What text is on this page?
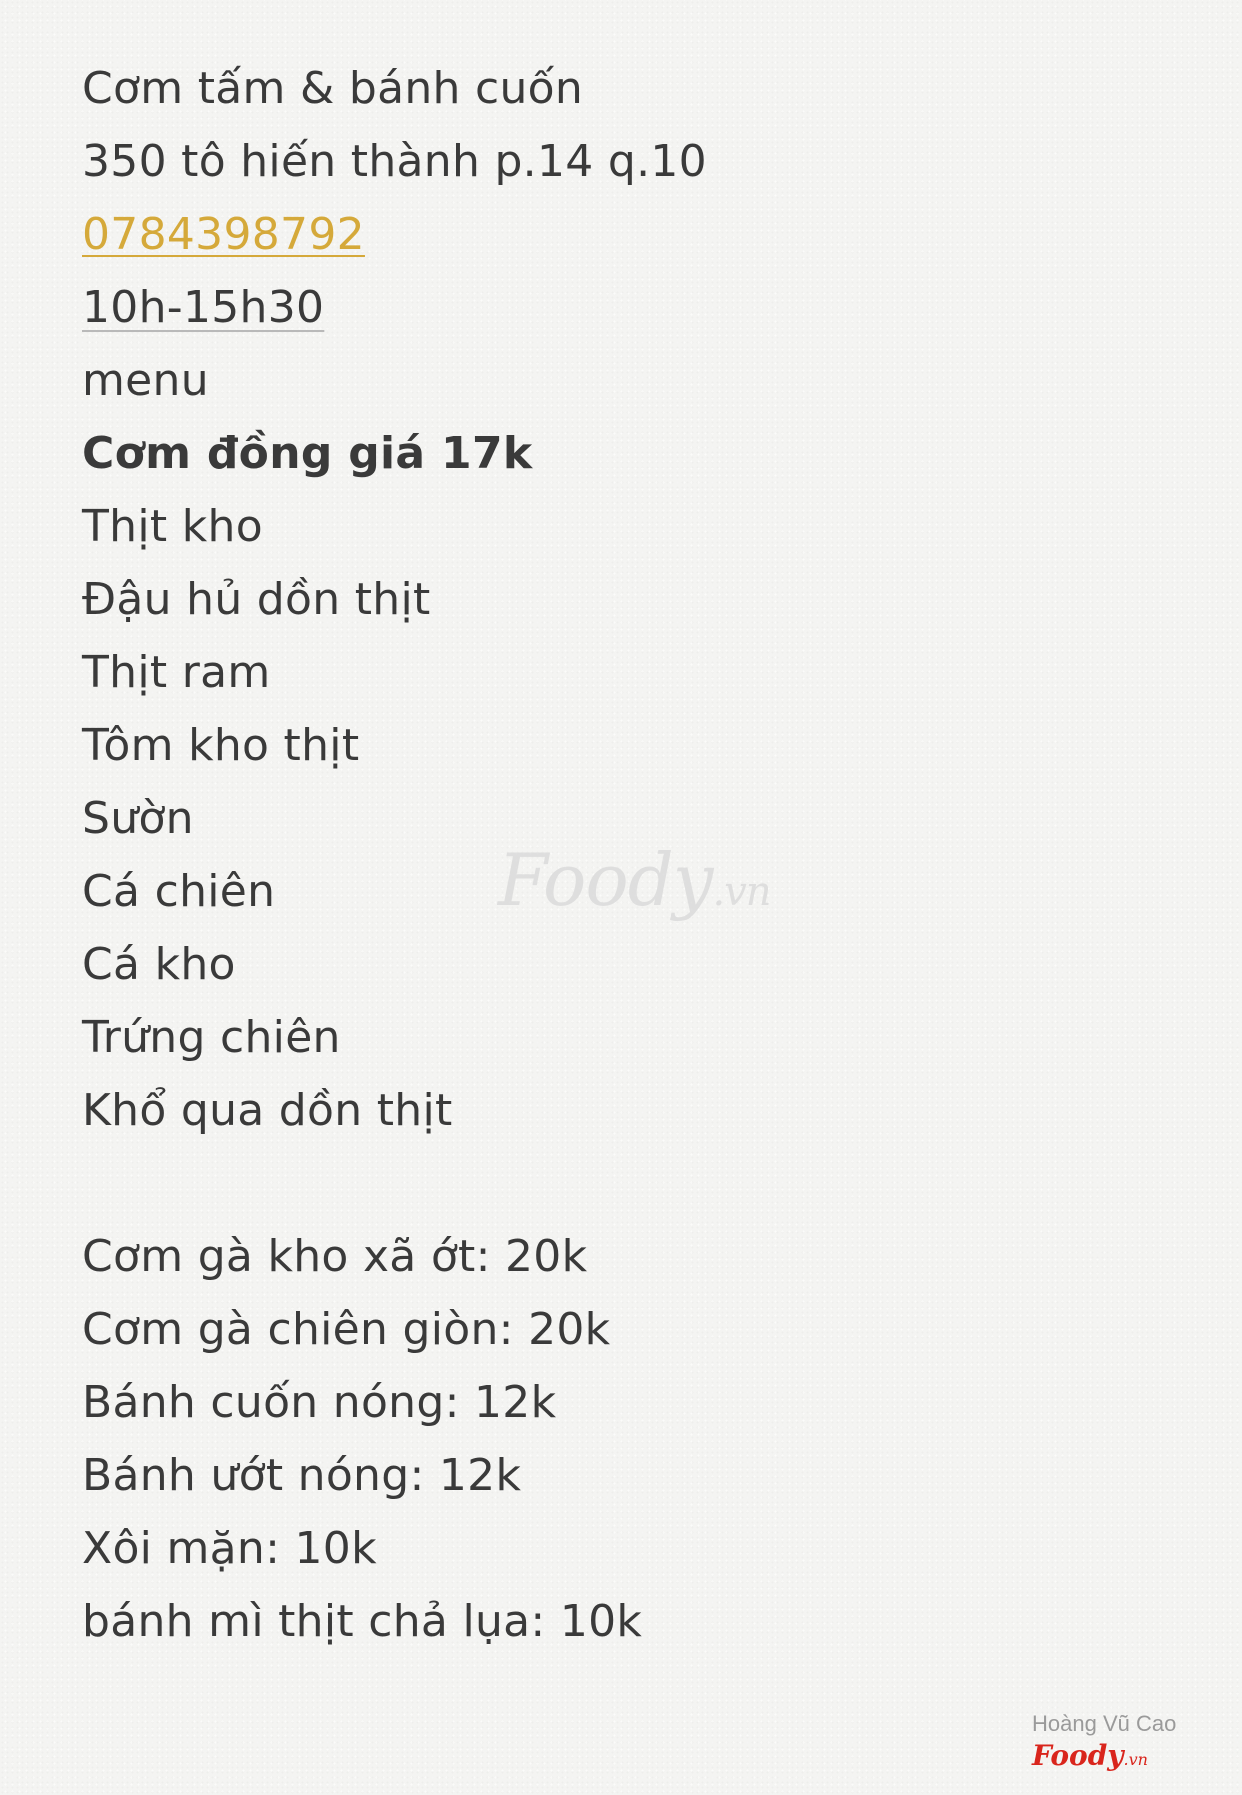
Cơm tấm & bánh cuốn
350 tô hiến thành p.14 q.10
0784398792
10h-15h30
menu
Cơm đồng giá 17k
Thịt kho
Đậu hủ dồn thịt
Thịt ram
Tôm kho thịt
Sườn
Cá chiên
Cá kho
Trứng chiên
Khổ qua dồn thịt
Cơm gà kho xã ớt: 20k
Cơm gà chiên giòn: 20k
Bánh cuốn nóng: 12k
Bánh ướt nóng: 12k
Xôi mặn: 10k
bánh mì thịt chả lụa: 10k
Foody.vn
Hoàng Vũ Cao
Foody.vn
